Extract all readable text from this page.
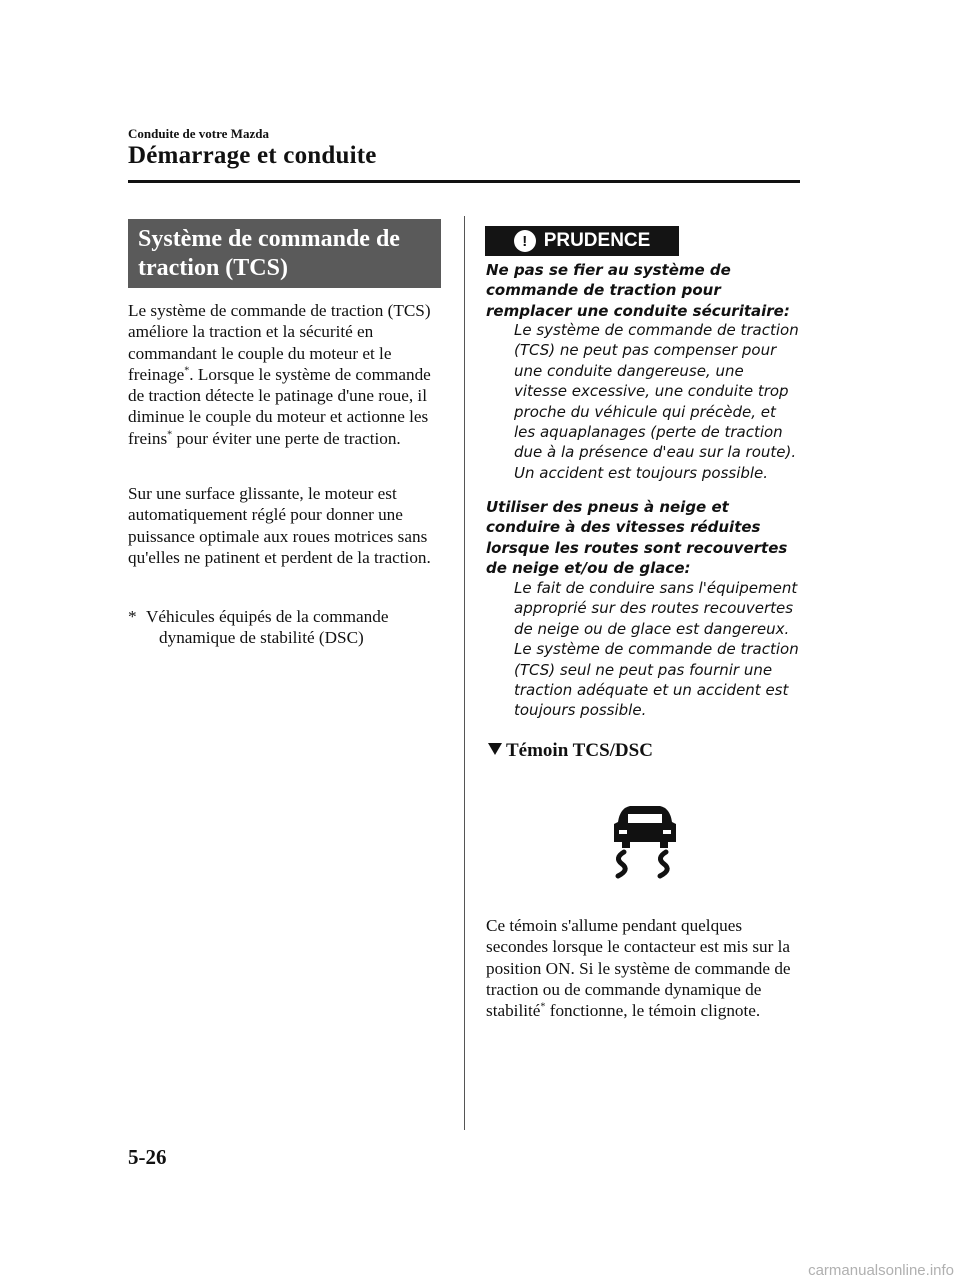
Conduite de votre Mazda
Démarrage et conduite
Système de commande de
traction (TCS)
Le système de commande de traction (TCS) améliore la traction et la sécurité en commandant le couple du moteur et le freinage*. Lorsque le système de commande de traction détecte le patinage d'une roue, il diminue le couple du moteur et actionne les freins* pour éviter une perte de traction.
Sur une surface glissante, le moteur est automatiquement réglé pour donner une puissance optimale aux roues motrices sans qu'elles ne patinent et perdent de la traction.
* Véhicules équipés de la commande
dynamique de stabilité (DSC)
! PRUDENCE
Ne pas se fier au système de commande de traction pour remplacer une conduite sécuritaire:
Le système de commande de traction (TCS) ne peut pas compenser pour une conduite dangereuse, une vitesse excessive, une conduite trop proche du véhicule qui précède, et les aquaplanages (perte de traction due à la présence d'eau sur la route). Un accident est toujours possible.
Utiliser des pneus à neige et conduire à des vitesses réduites lorsque les routes sont recouvertes de neige et/ou de glace:
Le fait de conduire sans l'équipement approprié sur des routes recouvertes de neige ou de glace est dangereux. Le système de commande de traction (TCS) seul ne peut pas fournir une traction adéquate et un accident est toujours possible.
Témoin TCS/DSC
Ce témoin s'allume pendant quelques secondes lorsque le contacteur est mis sur la position ON. Si le système de commande de traction ou de commande dynamique de stabilité* fonctionne, le témoin clignote.
5-26
carmanualsonline.info
